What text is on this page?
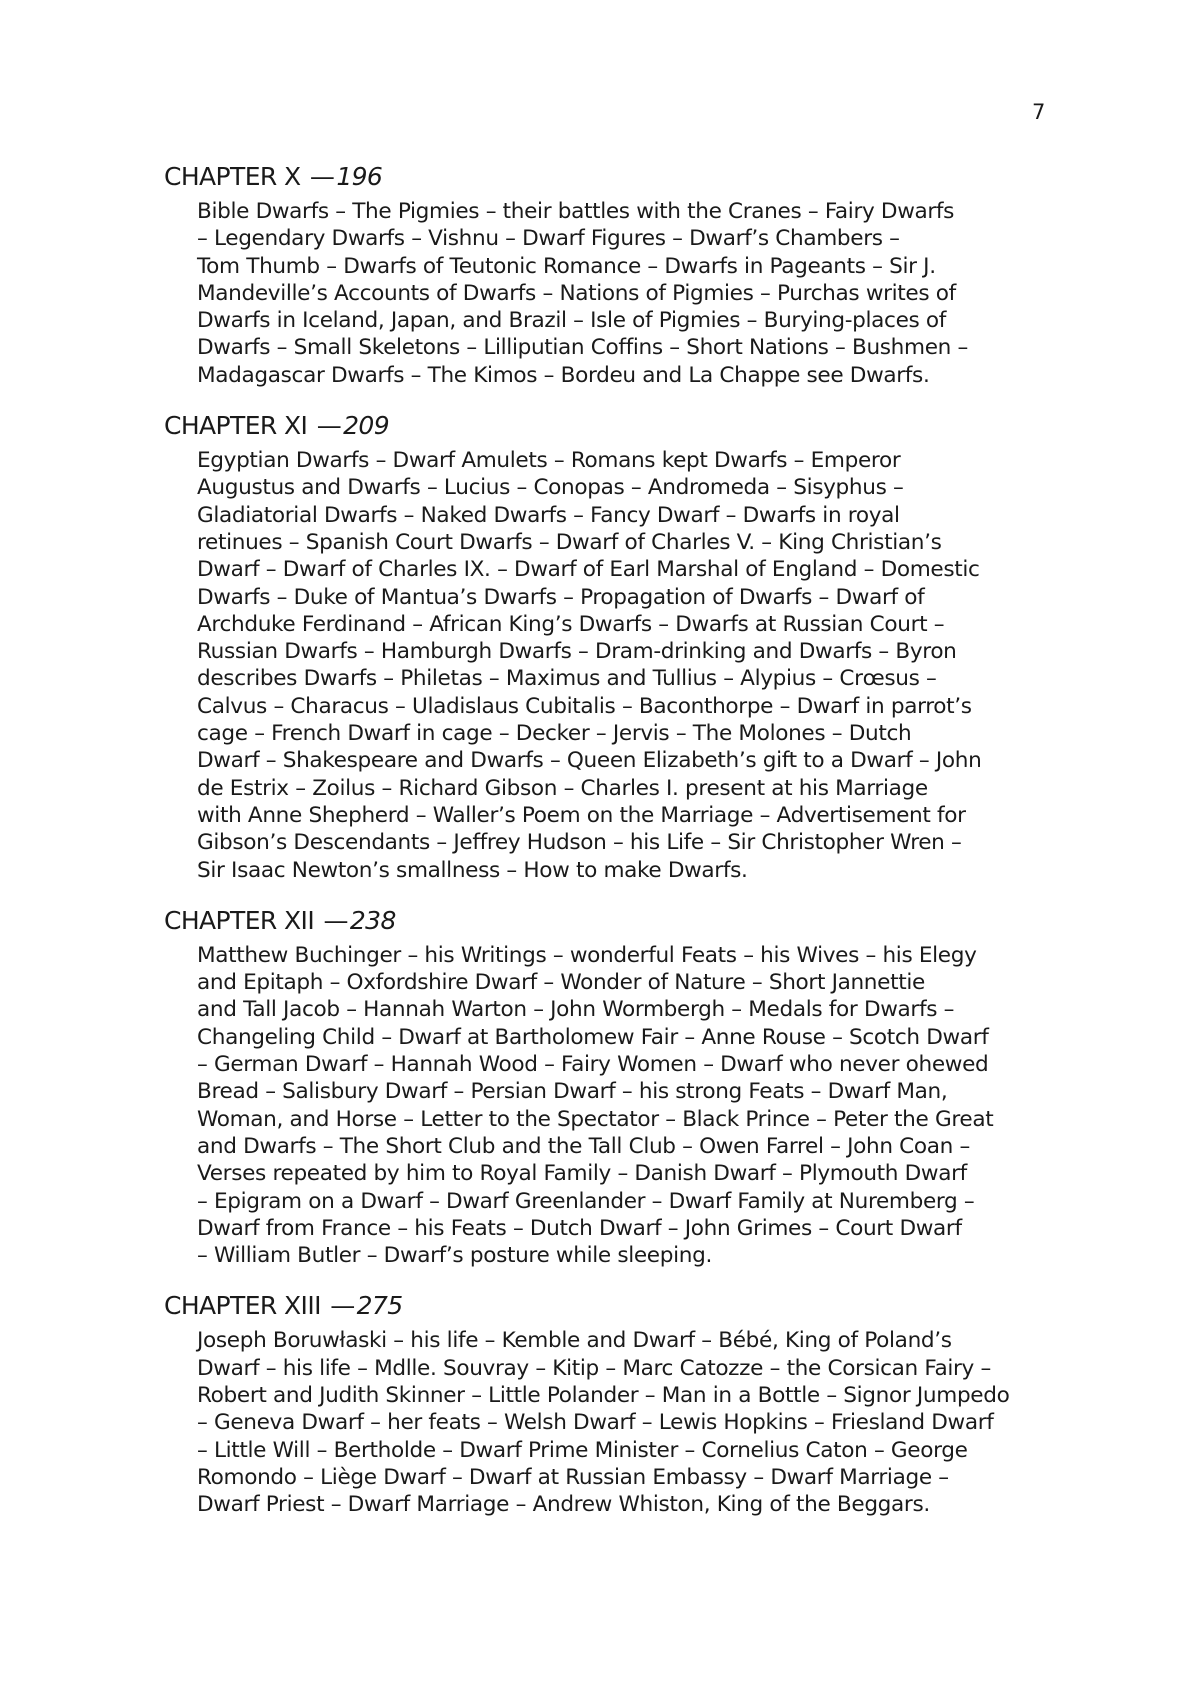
7
CHAPTER X —196

Bible Dwarfs – The Pigmies – their battles with the Cranes – Fairy Dwarfs
– Legendary Dwarfs – Vishnu – Dwarf Figures – Dwarf’s Chambers –
Tom Thumb – Dwarfs of Teutonic Romance – Dwarfs in Pageants – Sir J.
Mandeville’s Accounts of Dwarfs – Nations of Pigmies – Purchas writes of
Dwarfs in Iceland, Japan, and Brazil – Isle of Pigmies – Burying-places of
Dwarfs – Small Skeletons – Lilliputian Coffins – Short Nations – Bushmen –
Madagascar Dwarfs – The Kimos – Bordeu and La Chappe see Dwarfs.

CHAPTER XI —209

Egyptian Dwarfs – Dwarf Amulets – Romans kept Dwarfs – Emperor
Augustus and Dwarfs – Lucius – Conopas – Andromeda – Sisyphus –
Gladiatorial Dwarfs – Naked Dwarfs – Fancy Dwarf – Dwarfs in royal
retinues – Spanish Court Dwarfs – Dwarf of Charles V. – King Christian’s
Dwarf – Dwarf of Charles IX. – Dwarf of Earl Marshal of England – Domestic
Dwarfs – Duke of Mantua’s Dwarfs – Propagation of Dwarfs – Dwarf of
Archduke Ferdinand – African King’s Dwarfs – Dwarfs at Russian Court –
Russian Dwarfs – Hamburgh Dwarfs – Dram-drinking and Dwarfs – Byron
describes Dwarfs – Philetas – Maximus and Tullius – Alypius – Crœsus –
Calvus – Characus – Uladislaus Cubitalis – Baconthorpe – Dwarf in parrot’s
cage – French Dwarf in cage – Decker – Jervis – The Molones – Dutch
Dwarf – Shakespeare and Dwarfs – Queen Elizabeth’s gift to a Dwarf – John
de Estrix – Zoilus – Richard Gibson – Charles I. present at his Marriage
with Anne Shepherd – Waller’s Poem on the Marriage – Advertisement for
Gibson’s Descendants – Jeffrey Hudson – his Life – Sir Christopher Wren –
Sir Isaac Newton’s smallness – How to make Dwarfs.

CHAPTER XII —238

Matthew Buchinger – his Writings – wonderful Feats – his Wives – his Elegy
and Epitaph – Oxfordshire Dwarf – Wonder of Nature – Short Jannettie
and Tall Jacob – Hannah Warton – John Wormbergh – Medals for Dwarfs –
Changeling Child – Dwarf at Bartholomew Fair – Anne Rouse – Scotch Dwarf
– German Dwarf – Hannah Wood – Fairy Women – Dwarf who never ohewed
Bread – Salisbury Dwarf – Persian Dwarf – his strong Feats – Dwarf Man,
Woman, and Horse – Letter to the Spectator – Black Prince – Peter the Great
and Dwarfs – The Short Club and the Tall Club – Owen Farrel – John Coan –
Verses repeated by him to Royal Family – Danish Dwarf – Plymouth Dwarf
– Epigram on a Dwarf – Dwarf Greenlander – Dwarf Family at Nuremberg –
Dwarf from France – his Feats – Dutch Dwarf – John Grimes – Court Dwarf
– William Butler – Dwarf’s posture while sleeping.

CHAPTER XIII —275

Joseph Boruwłaski – his life – Kemble and Dwarf – Bébé, King of Poland’s
Dwarf – his life – Mdlle. Souvray – Kitip – Marc Catozze – the Corsican Fairy –
Robert and Judith Skinner – Little Polander – Man in a Bottle – Signor Jumpedo
– Geneva Dwarf – her feats – Welsh Dwarf – Lewis Hopkins – Friesland Dwarf
– Little Will – Bertholde – Dwarf Prime Minister – Cornelius Caton – George
Romondo – Liège Dwarf – Dwarf at Russian Embassy – Dwarf Marriage –
Dwarf Priest – Dwarf Marriage – Andrew Whiston, King of the Beggars.
